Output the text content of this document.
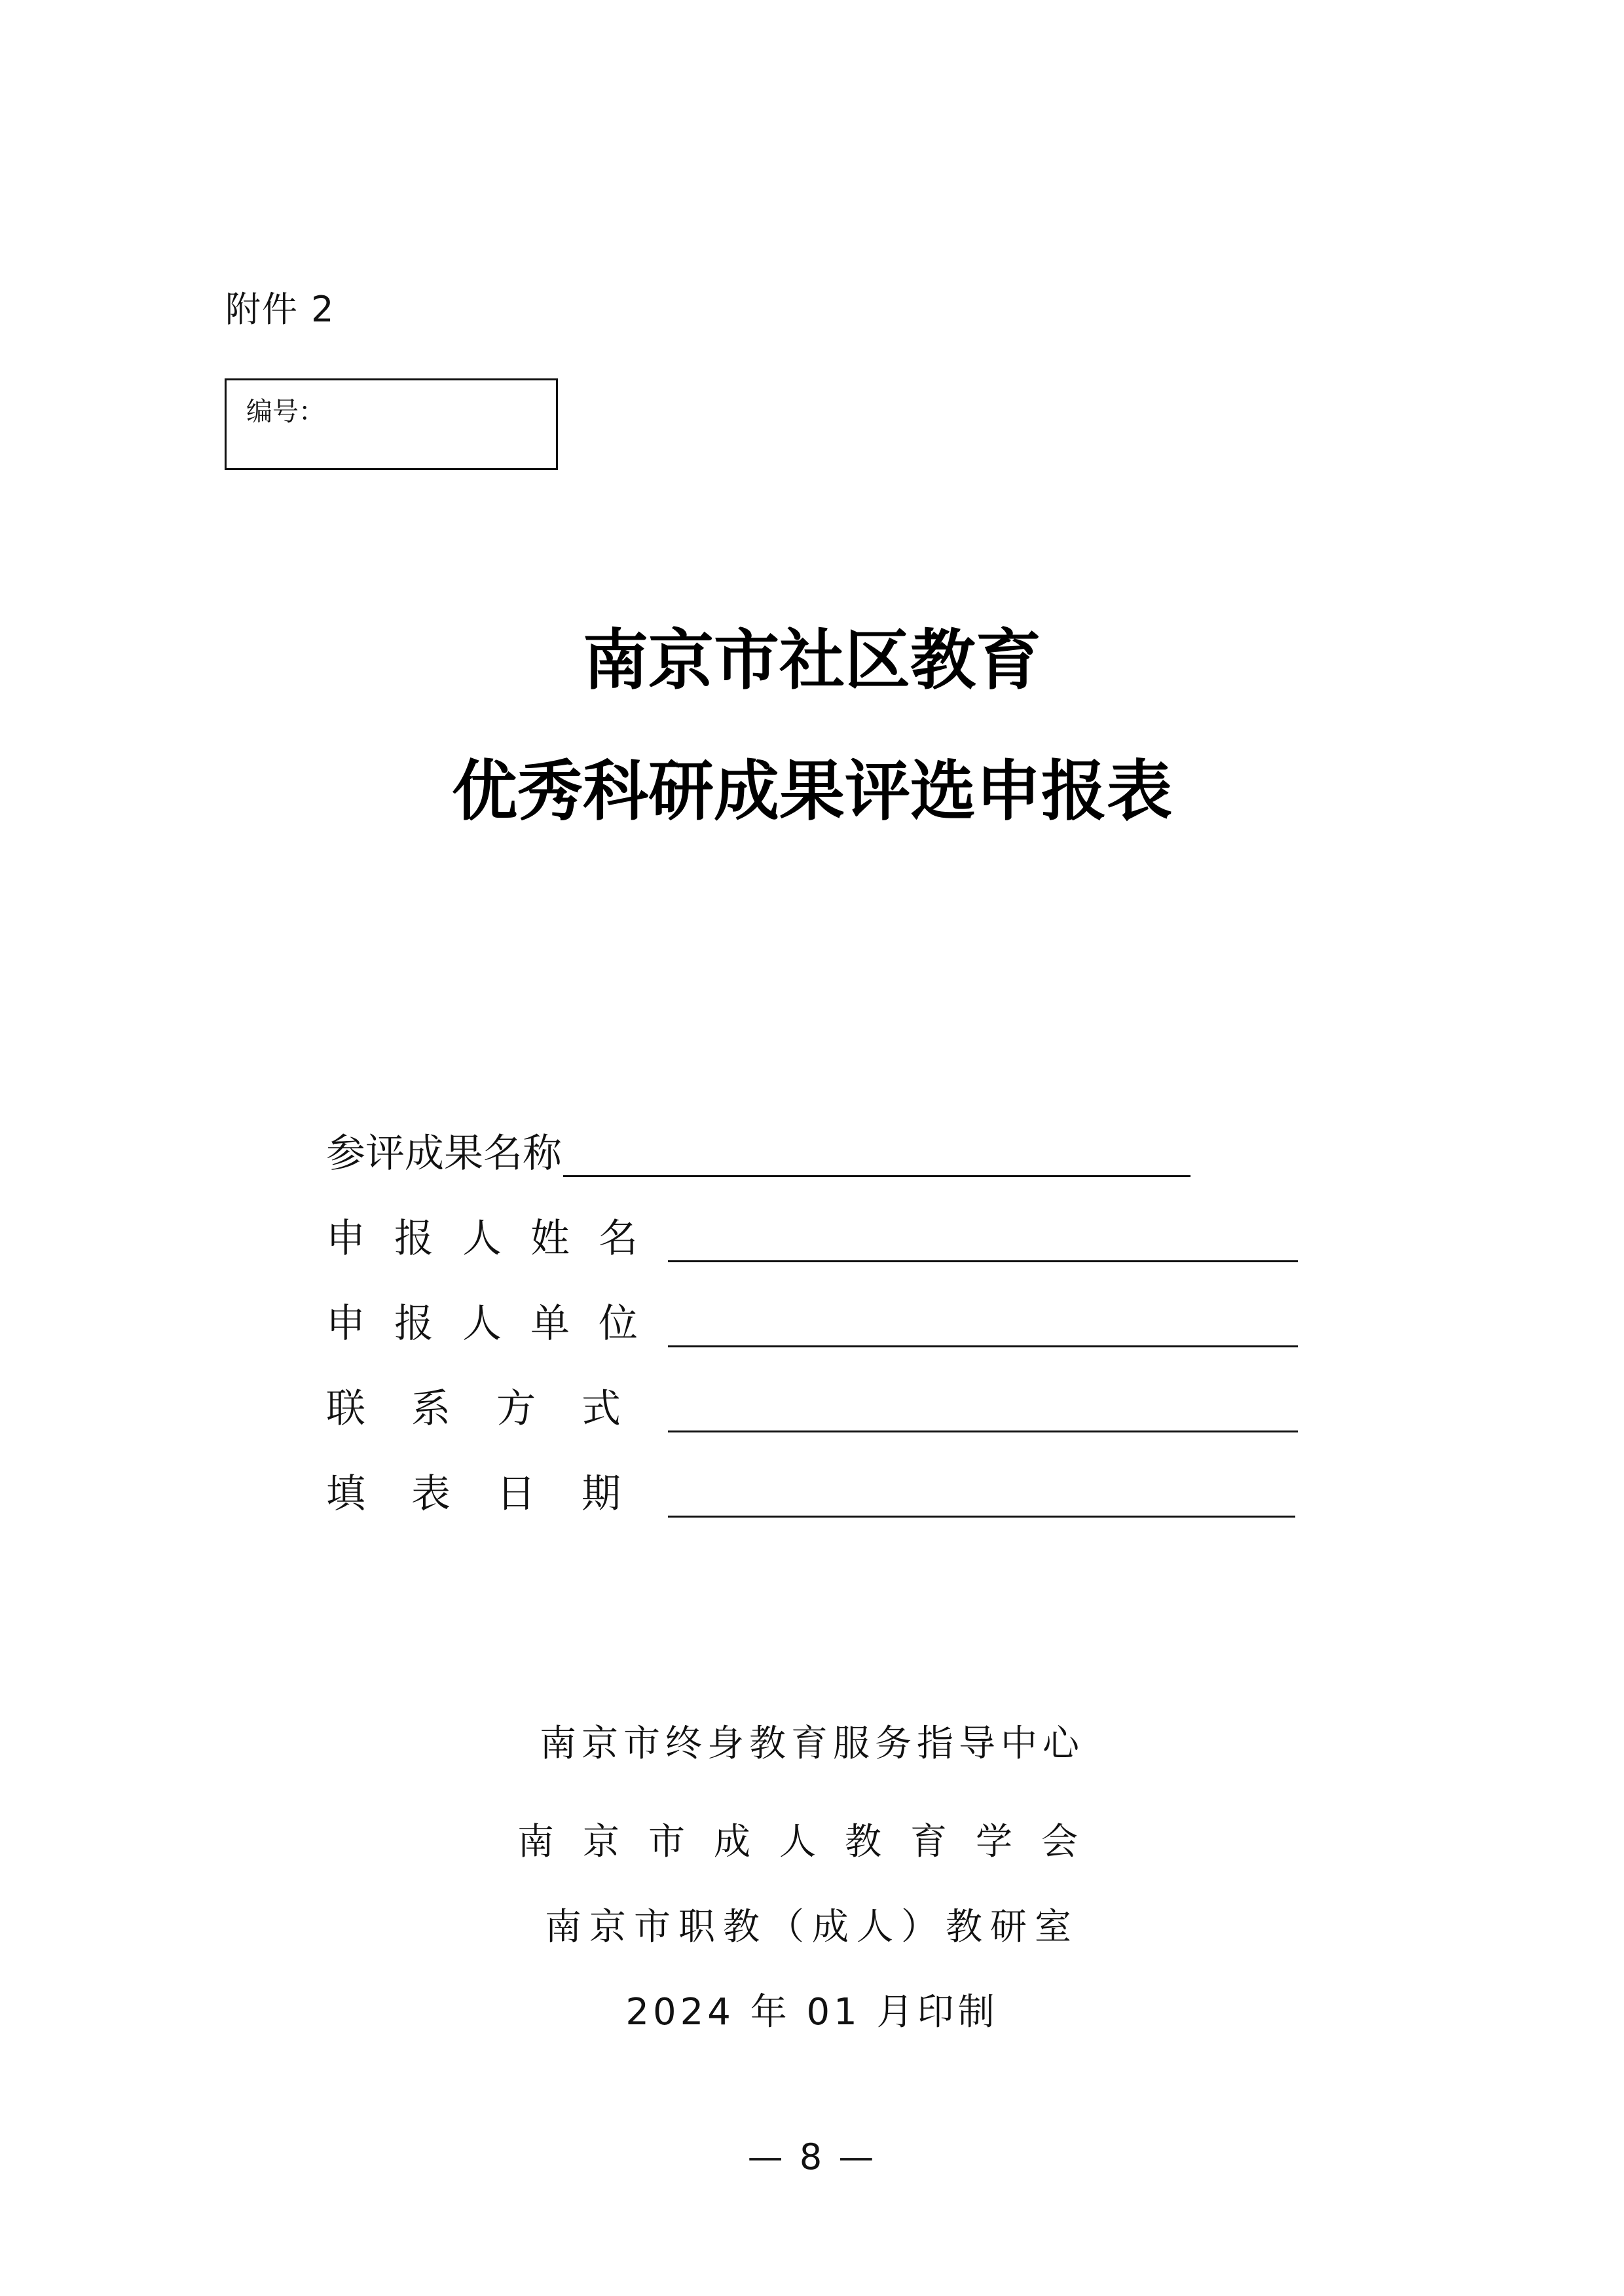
附件 2
编号：
南京市社区教育
优秀科研成果评选申报表
参评成果名称
申报人姓名
申报人单位
联系方式
填表日期
南京市终身教育服务指导中心
南京市成人教育学会
南京市职教（成人）教研室
2024 年 01 月印制
— 8 —
